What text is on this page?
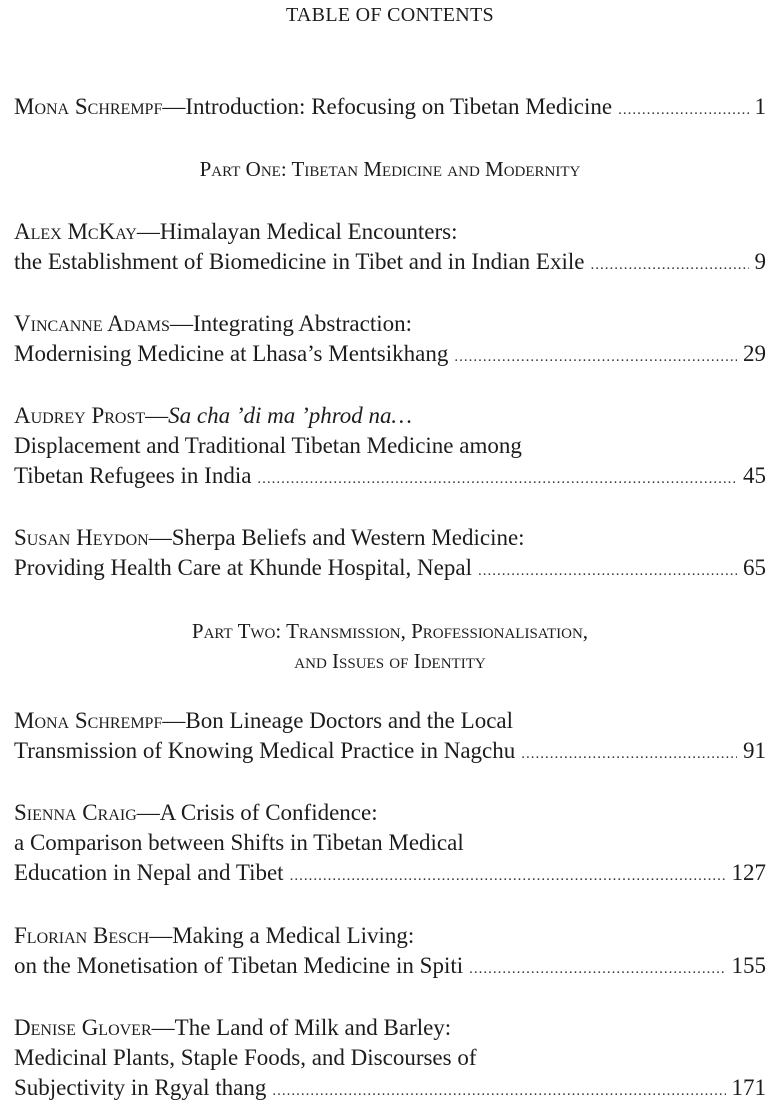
TABLE OF CONTENTS
Mona Schrempf—Introduction: Refocusing on Tibetan Medicine .....	1
Part One: Tibetan Medicine and Modernity
Alex McKay—Himalayan Medical Encounters:
the Establishment of Biomedicine in Tibet and in Indian Exile .....	9
Vincanne Adams—Integrating Abstraction:
Modernising Medicine at Lhasa’s Mentsikhang .....	29
Audrey Prost—Sa cha ’di ma ’phrod na…
Displacement and Traditional Tibetan Medicine among
Tibetan Refugees in India .....	45
Susan Heydon—Sherpa Beliefs and Western Medicine:
Providing Health Care at Khunde Hospital, Nepal .....	65
Part Two: Transmission, Professionalisation,
and Issues of Identity
Mona Schrempf—Bon Lineage Doctors and the Local
Transmission of Knowing Medical Practice in Nagchu .....	91
Sienna Craig—A Crisis of Confidence:
a Comparison between Shifts in Tibetan Medical
Education in Nepal and Tibet .....	127
Florian Besch—Making a Medical Living:
on the Monetisation of Tibetan Medicine in Spiti .....	155
Denise Glover—The Land of Milk and Barley:
Medicinal Plants, Staple Foods, and Discourses of
Subjectivity in Rgyal thang .....	171
